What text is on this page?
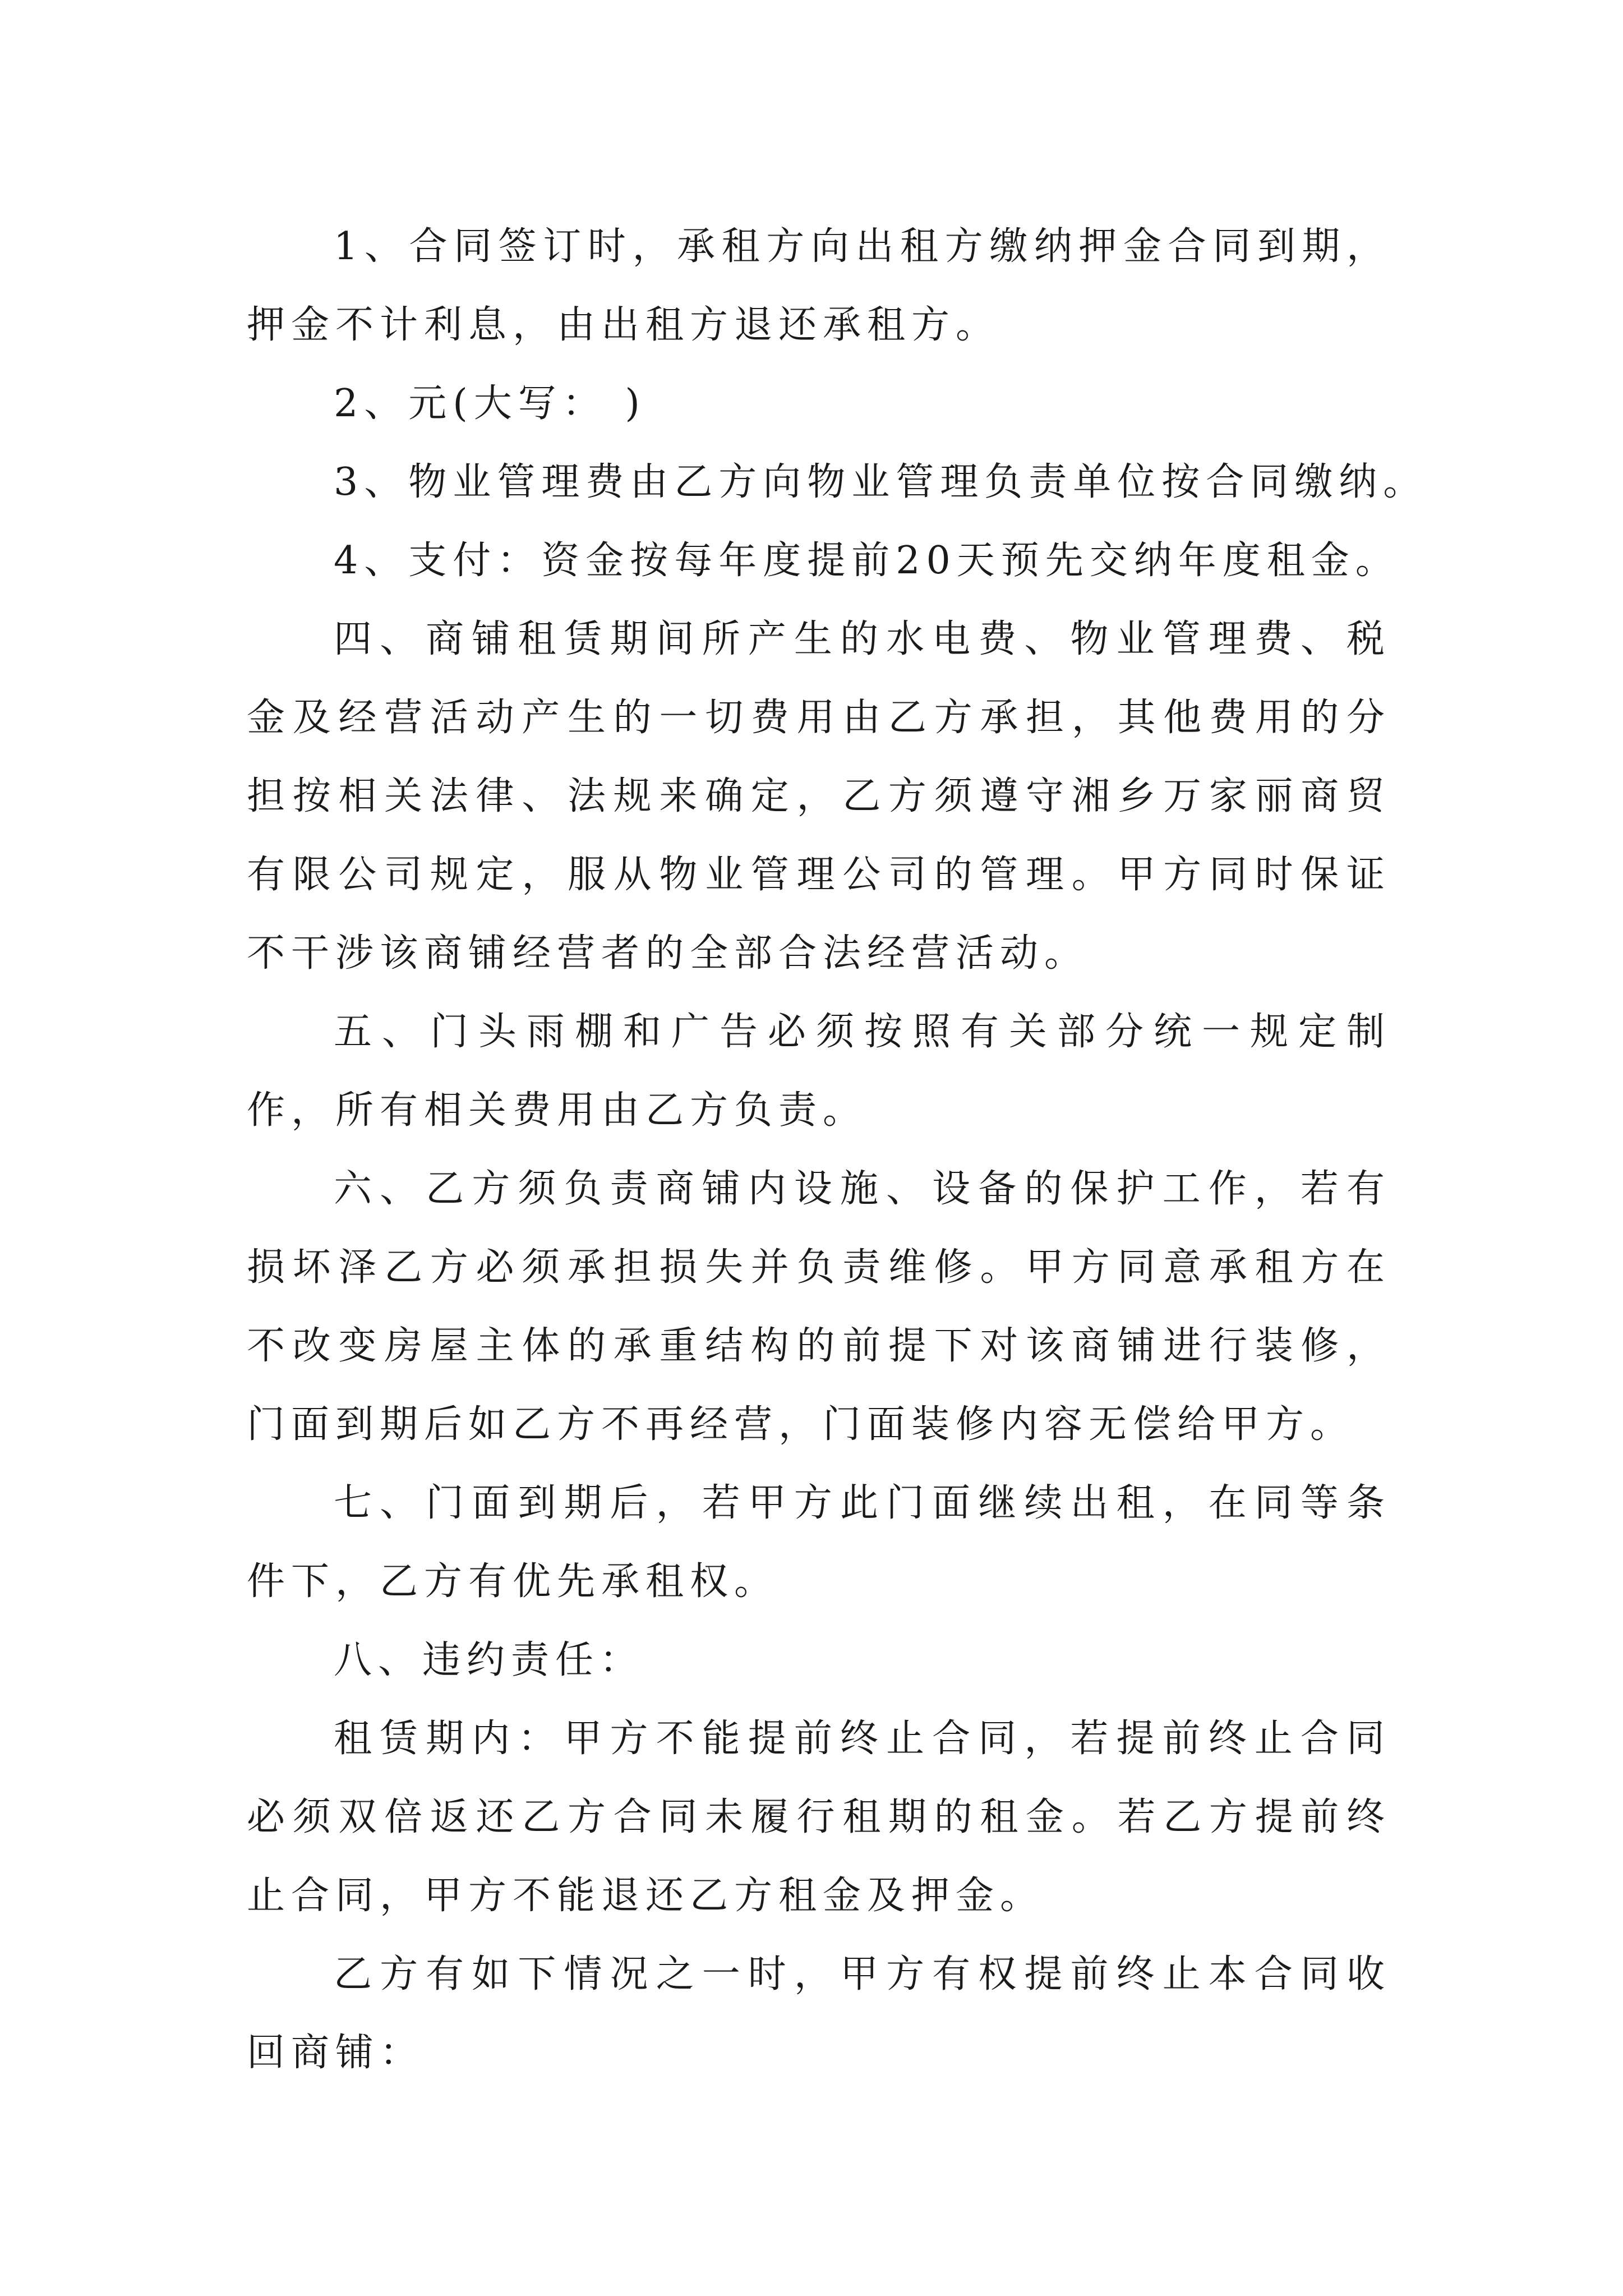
1、合同签订时，承租方向出租方缴纳押金合同到期，押金不计利息，由出租方退还承租方。

2、元(大写： )

3、物业管理费由乙方向物业管理负责单位按合同缴纳。

4、支付：资金按每年度提前20天预先交纳年度租金。

四、商铺租赁期间所产生的水电费、物业管理费、税金及经营活动产生的一切费用由乙方承担，其他费用的分担按相关法律、法规来确定，乙方须遵守湘乡万家丽商贸有限公司规定，服从物业管理公司的管理。甲方同时保证不干涉该商铺经营者的全部合法经营活动。

五、门头雨棚和广告必须按照有关部分统一规定制作，所有相关费用由乙方负责。

六、乙方须负责商铺内设施、设备的保护工作，若有损坏泽乙方必须承担损失并负责维修。甲方同意承租方在不改变房屋主体的承重结构的前提下对该商铺进行装修，门面到期后如乙方不再经营，门面装修内容无偿给甲方。

七、门面到期后，若甲方此门面继续出租，在同等条件下，乙方有优先承租权。

八、违约责任：

租赁期内：甲方不能提前终止合同，若提前终止合同必须双倍返还乙方合同未履行租期的租金。若乙方提前终止合同，甲方不能退还乙方租金及押金。

乙方有如下情况之一时，甲方有权提前终止本合同收回商铺：
